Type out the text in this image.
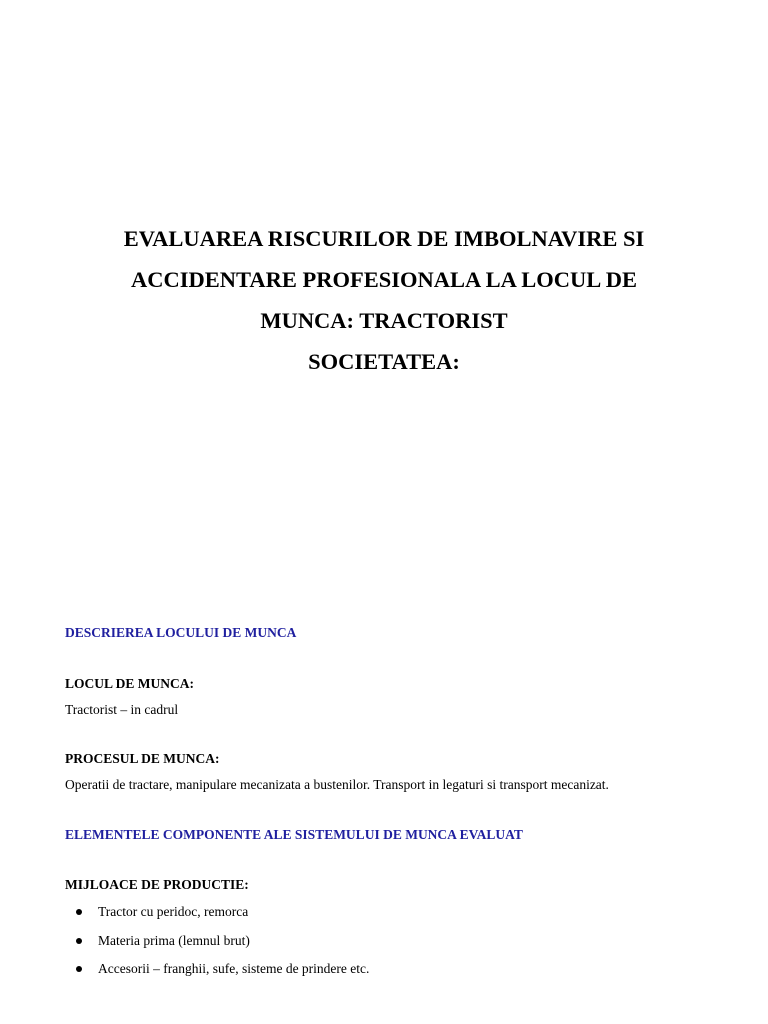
EVALUAREA RISCURILOR DE IMBOLNAVIRE SI
ACCIDENTARE PROFESIONALA LA LOCUL DE
MUNCA: TRACTORIST
SOCIETATEA:
DESCRIEREA LOCULUI DE MUNCA
LOCUL DE MUNCA:
Tractorist – in cadrul
PROCESUL DE MUNCA:
Operatii de tractare, manipulare mecanizata a bustenilor. Transport in legaturi si transport mecanizat.
ELEMENTELE COMPONENTE ALE SISTEMULUI DE MUNCA EVALUAT
MIJLOACE DE PRODUCTIE:
Tractor cu peridoc, remorca
Materia prima (lemnul brut)
Accesorii – franghii, sufe, sisteme de prindere etc.
